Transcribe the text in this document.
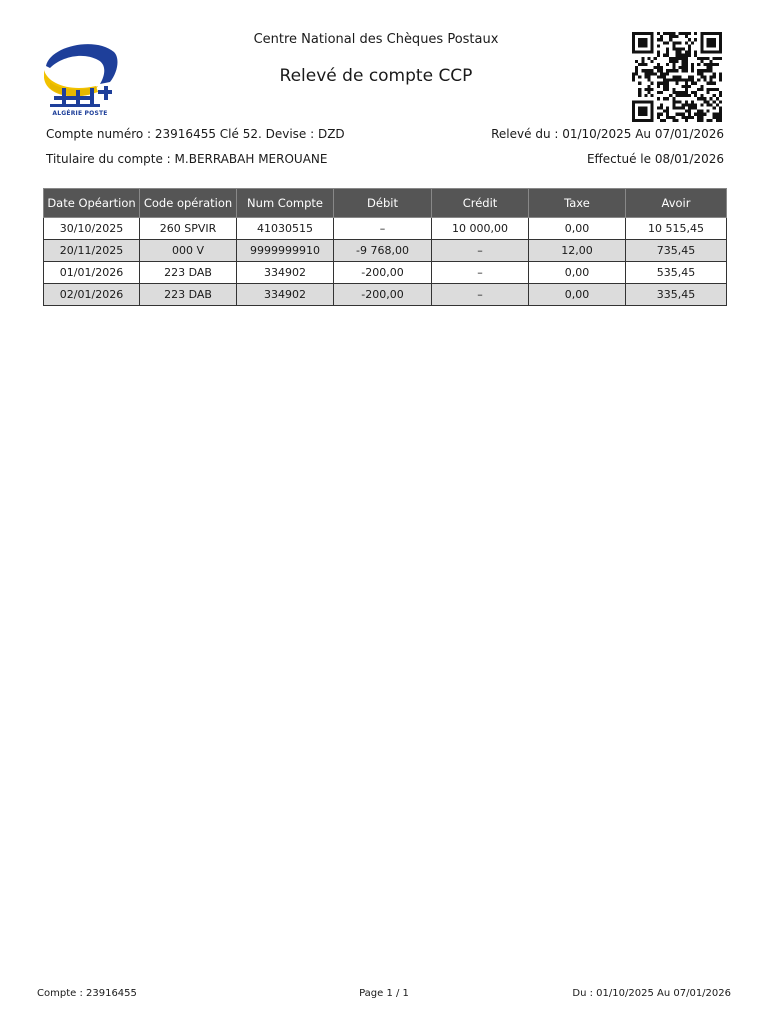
ALGÉRIE POSTE
Centre National des Chèques Postaux
Relevé de compte CCP
Compte numéro : 23916455 Clé 52. Devise : DZD	Relevé du : 01/10/2025 Au 07/01/2026
Titulaire du compte : M.BERRABAH MEROUANE	Effectué le 08/01/2026
Date Opéartion	Code opération	Num Compte	Débit	Crédit	Taxe	Avoir
30/10/2025	260 SPVIR	41030515	–	10 000,00	0,00	10 515,45
20/11/2025	000 V	9999999910	-9 768,00	–	12,00	735,45
01/01/2026	223 DAB	334902	-200,00	–	0,00	535,45
02/01/2026	223 DAB	334902	-200,00	–	0,00	335,45
Compte : 23916455	Page 1 / 1	Du : 01/10/2025 Au 07/01/2026
